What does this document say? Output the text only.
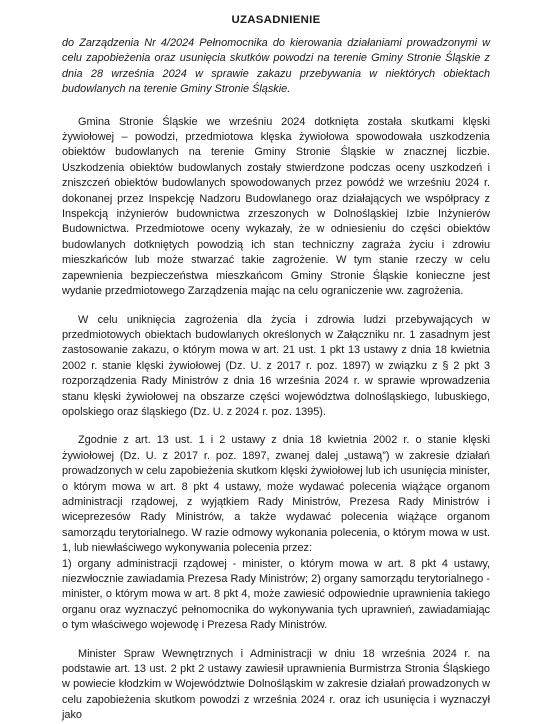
UZASADNIENIE
do Zarządzenia Nr 4/2024 Pełnomocnika do kierowania działaniami prowadzonymi w celu zapobieżenia oraz usunięcia skutków powodzi na terenie Gminy Stronie Śląskie z dnia 28 września 2024 w sprawie zakazu przebywania w niektórych obiektach budowlanych na terenie Gminy Stronie Śląskie.
Gmina Stronie Śląskie we wrześniu 2024 dotknięta została skutkami klęski żywiołowej – powodzi, przedmiotowa klęska żywiołowa spowodowała uszkodzenia obiektów budowlanych na terenie Gminy Stronie Śląskie w znacznej liczbie. Uszkodzenia obiektów budowlanych zostały stwierdzone podczas oceny uszkodzeń i zniszczeń obiektów budowlanych spowodowanych przez powódź we wrześniu 2024 r. dokonanej przez Inspekcję Nadzoru Budowlanego oraz działających we współpracy z Inspekcją inżynierów budownictwa zrzeszonych w Dolnośląskiej Izbie Inżynierów Budownictwa. Przedmiotowe oceny wykazały, że w odniesieniu do części obiektów budowlanych dotkniętych powodzią ich stan techniczny zagraża życiu i zdrowiu mieszkańców lub może stwarzać takie zagrożenie. W tym stanie rzeczy w celu zapewnienia bezpieczeństwa mieszkańcom Gminy Stronie Śląskie konieczne jest wydanie przedmiotowego Zarządzenia mając na celu ograniczenie ww. zagrożenia.
W celu uniknięcia zagrożenia dla życia i zdrowia ludzi przebywających w przedmiotowych obiektach budowlanych określonych w Załączniku nr. 1 zasadnym jest zastosowanie zakazu, o którym mowa w art. 21 ust. 1 pkt 13 ustawy z dnia 18 kwietnia 2002 r. stanie klęski żywiołowej (Dz. U. z 2017 r. poz. 1897) w związku z § 2 pkt 3 rozporządzenia Rady Ministrów z dnia 16 września 2024 r. w sprawie wprowadzenia stanu klęski żywiołowej na obszarze części województwa dolnośląskiego, lubuskiego, opolskiego oraz śląskiego (Dz. U. z 2024 r. poz. 1395).
Zgodnie z art. 13 ust. 1 i 2 ustawy z dnia 18 kwietnia 2002 r. o stanie klęski żywiołowej (Dz. U. z 2017 r. poz. 1897, zwanej dalej „ustawą”) w zakresie działań prowadzonych w celu zapobieżenia skutkom klęski żywiołowej lub ich usunięcia minister, o którym mowa w art. 8 pkt 4 ustawy, może wydawać polecenia wiążące organom administracji rządowej, z wyjątkiem Rady Ministrów, Prezesa Rady Ministrów i wiceprezesów Rady Ministrów, a także wydawać polecenia wiążące organom samorządu terytorialnego. W razie odmowy wykonania polecenia, o którym mowa w ust. 1, lub niewłaściwego wykonywania polecenia przez:
1) organy administracji rządowej - minister, o którym mowa w art. 8 pkt 4 ustawy, niezwłocznie zawiadamia Prezesa Rady Ministrów; 2) organy samorządu terytorialnego - minister, o którym mowa w art. 8 pkt 4, może zawiesić odpowiednie uprawnienia takiego organu oraz wyznaczyć pełnomocnika do wykonywania tych uprawnień, zawiadamiając o tym właściwego wojewodę i Prezesa Rady Ministrów.
Minister Spraw Wewnętrznych i Administracji w dniu 18 września 2024 r. na podstawie art. 13 ust. 2 pkt 2 ustawy zawiesił uprawnienia Burmistrza Stronia Śląskiego w powiecie kłodzkim w Województwie Dolnośląskim w zakresie działań prowadzonych w celu zapobieżenia skutkom powodzi z września 2024 r. oraz ich usunięcia i wyznaczył jako
